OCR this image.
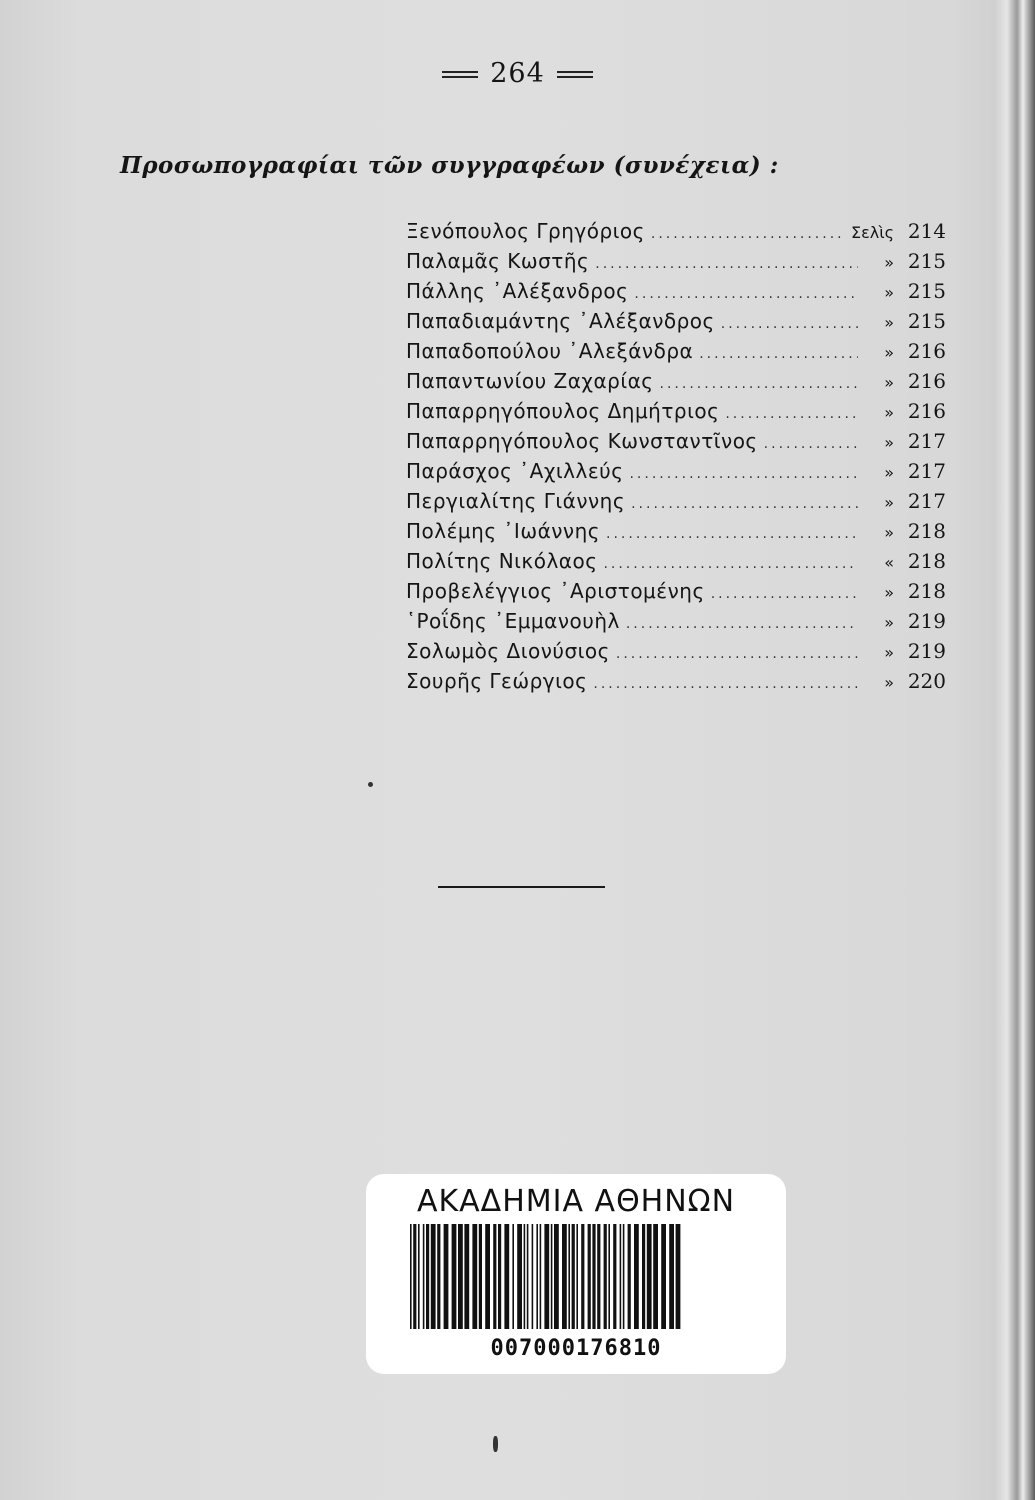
264
Προσωπογραφίαι τῶν συγγραφέων (συνέχεια) :
Ξενόπουλος Γρηγόριος .....	Σελὶς 214
Παλαμᾶς Κωστῆς .....	» 215
Πάλλης ᾿Αλέξανδρος .....	» 215
Παπαδιαμάντης ᾿Αλέξανδρος .....	» 215
Παπαδοπούλου ᾿Αλεξάνδρα .....	» 216
Παπαντωνίου Ζαχαρίας .....	» 216
Παπαρρηγόπουλος Δημήτριος .....	» 216
Παπαρρηγόπουλος Κωνσταντῖνος .....	» 217
Παράσχος ᾿Αχιλλεύς .....	» 217
Περγιαλίτης Γιάννης .....	» 217
Πολέμης ᾿Ιωάννης .....	» 218
Πολίτης Νικόλαος .....	« 218
Προβελέγγιος ᾿Αριστομένης .....	» 218
῾Ροΐδης ᾿Εμμανουὴλ .....	» 219
Σολωμὸς Διονύσιος .....	» 219
Σουρῆς Γεώργιος .....	» 220
ΑΚΑΔΗΜΙΑ ΑΘΗΝΩΝ
007000176810
